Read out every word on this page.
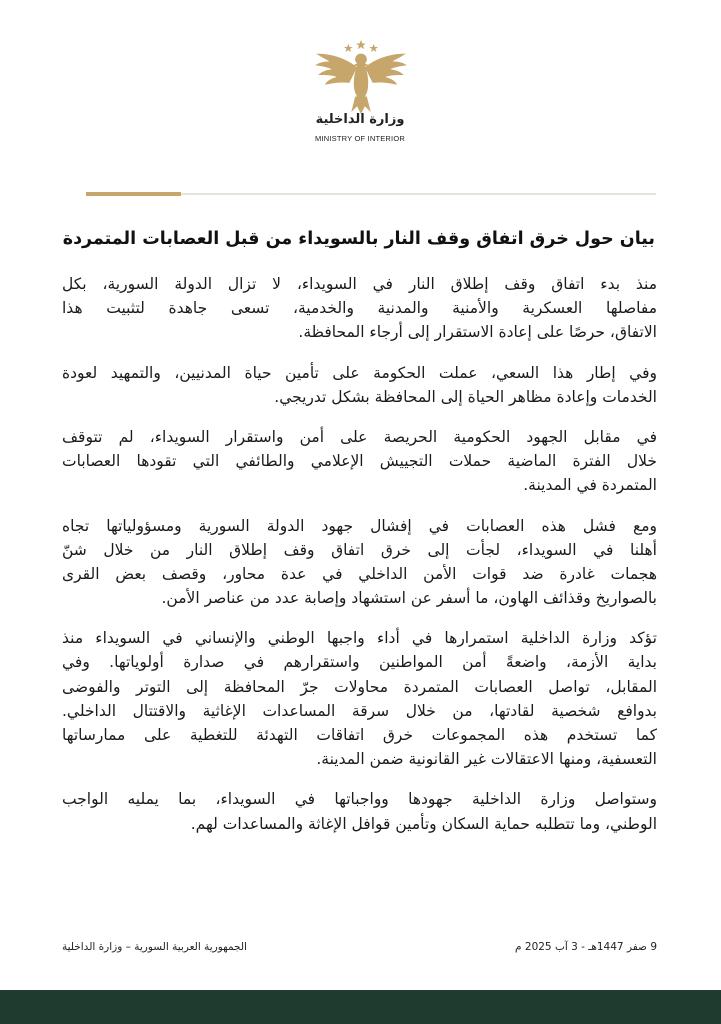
وزارة الداخلية
MINISTRY OF INTERIOR
بيان حول خرق اتفاق وقف النار بالسويداء من قبل العصابات المتمردة
منذ بدء اتفاق وقف إطلاق النار في السويداء، لا تزال الدولة السورية، بكل
مفاصلها العسكرية والأمنية والمدنية والخدمية، تسعى جاهدة لتثبيت هذا
الاتفاق، حرصًا على إعادة الاستقرار إلى أرجاء المحافظة.
وفي إطار هذا السعي، عملت الحكومة على تأمين حياة المدنيين، والتمهيد لعودة
الخدمات وإعادة مظاهر الحياة إلى المحافظة بشكل تدريجي.
في مقابل الجهود الحكومية الحريصة على أمن واستقرار السويداء، لم تتوقف
خلال الفترة الماضية حملات التجييش الإعلامي والطائفي التي تقودها العصابات
المتمردة في المدينة.
ومع فشل هذه العصابات في إفشال جهود الدولة السورية ومسؤولياتها تجاه
أهلنا في السويداء، لجأت إلى خرق اتفاق وقف إطلاق النار من خلال شنّ
هجمات غادرة ضد قوات الأمن الداخلي في عدة محاور، وقصف بعض القرى
بالصواريخ وقذائف الهاون، ما أسفر عن استشهاد وإصابة عدد من عناصر الأمن.
تؤكد وزارة الداخلية استمرارها في أداء واجبها الوطني والإنساني في السويداء منذ
بداية الأزمة، واضعةً أمن المواطنين واستقرارهم في صدارة أولوياتها. وفي
المقابل، تواصل العصابات المتمردة محاولات جرّ المحافظة إلى التوتر والفوضى
بدوافع شخصية لقادتها، من خلال سرقة المساعدات الإغاثية والاقتتال الداخلي.
كما تستخدم هذه المجموعات خرق اتفاقات التهدئة للتغطية على ممارساتها
التعسفية، ومنها الاعتقالات غير القانونية ضمن المدينة.
وستواصل وزارة الداخلية جهودها وواجباتها في السويداء، بما يمليه الواجب
الوطني، وما تتطلبه حماية السكان وتأمين قوافل الإغاثة والمساعدات لهم.
9 صفر 1447هـ - 3 آب 2025 م
الجمهورية العربية السورية – وزارة الداخلية
